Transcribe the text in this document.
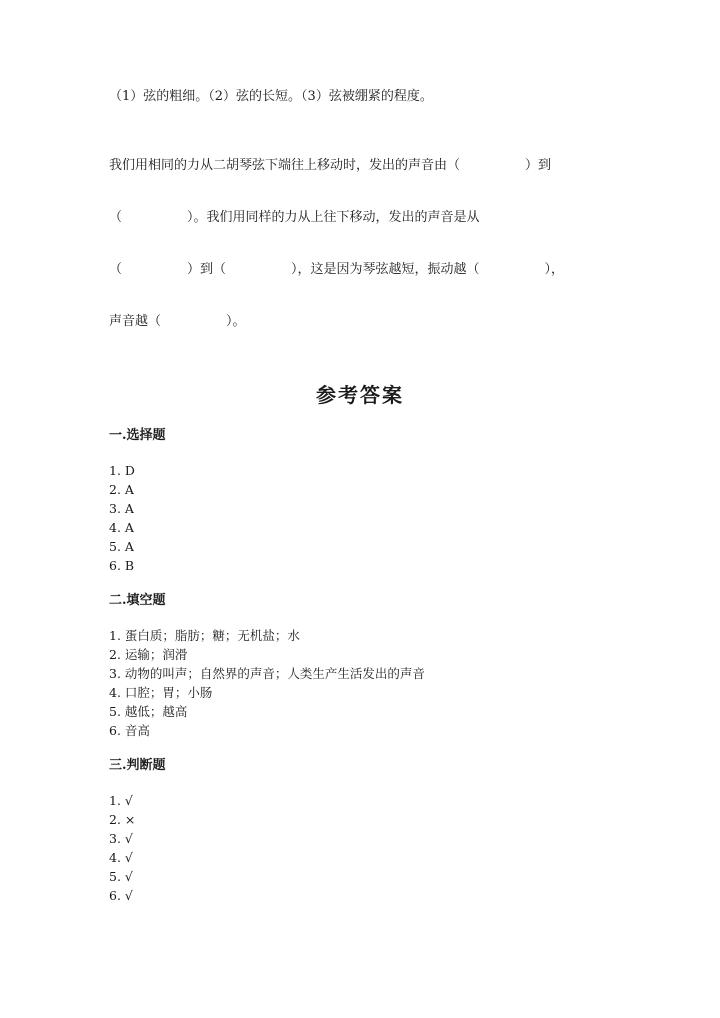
（1）弦的粗细。（2）弦的长短。（3）弦被绷紧的程度。
我们用相同的力从二胡琴弦下端往上移动时，发出的声音由（　　　　　）到
（　　　　　）。我们用同样的力从上往下移动，发出的声音是从
（　　　　　）到（　　　　　），这是因为琴弦越短，振动越（　　　　　），
声音越（　　　　　）。
参考答案
一.选择题
1. D
2. A
3. A
4. A
5. A
6. B
二.填空题
1. 蛋白质；脂肪；糖；无机盐；水
2. 运输；润滑
3. 动物的叫声；自然界的声音；人类生产生活发出的声音
4. 口腔；胃；小肠
5. 越低；越高
6. 音高
三.判断题
1. √
2. ×
3. √
4. √
5. √
6. √
